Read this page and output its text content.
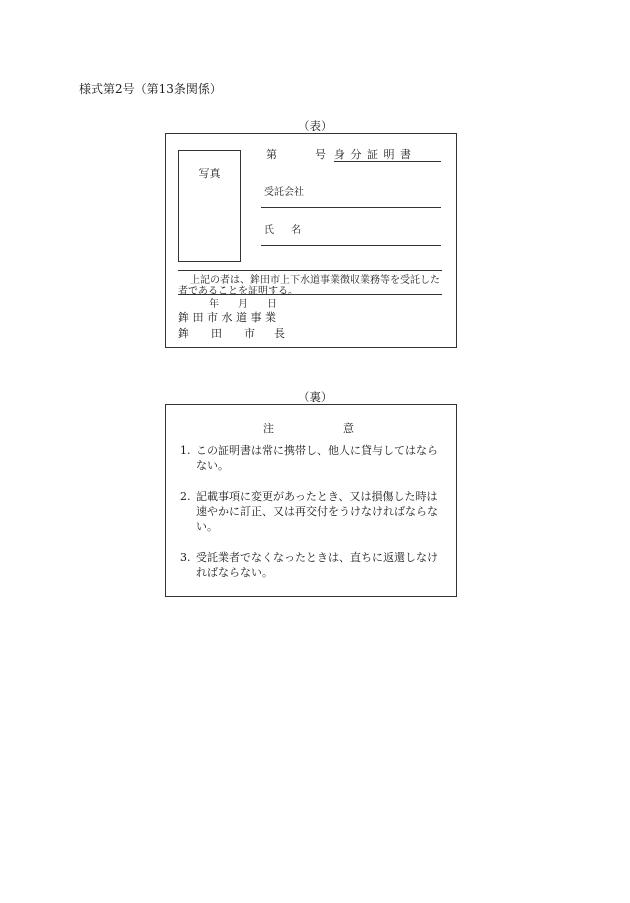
様式第2号（第13条関係）
（表）
写真
第	号 身 分 証 明 書
受託会社
氏 名
上記の者は、鉾田市上下水道事業徴収業務等を受託した
者であることを証明する。
年 月 日
鉾 田 市 水 道 事 業
鉾 田 市 長
（裏）
注	意
1. この証明書は常に携帯し、他人に貸与してはならない。
2. 記載事項に変更があったとき、又は損傷した時は速やかに訂正、又は再交付をうけなければならない。
3. 受託業者でなくなったときは、直ちに返還しなければならない。
